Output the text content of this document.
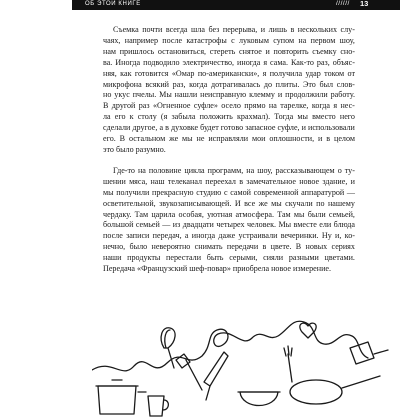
ОБ ЭТОЙ КНИГЕ	////// 13
Съемка почти всегда шла без перерыва, и лишь в нескольких слу-
чаях, например после катастрофы с луковым супом на первом шоу,
нам пришлось остановиться, стереть снятое и повторить съемку сно-
ва. Иногда подводило электричество, иногда я сама. Как-то раз, объяс-
няя, как готовится «Омар по-американски», я получила удар током от
микрофона всякий раз, когда дотрагивалась до плиты. Это был слов-
но укус пчелы. Мы нашли неисправную клемму и продолжили работу.
В другой раз «Огненное суфле» осело прямо на тарелке, когда я нес-
ла его к столу (я забыла положить крахмал). Тогда мы вместо него
сделали другое, а в духовке будет готово запасное суфле, и использовали
его. В остальном же мы не исправляли мои оплошности, и в целом
это было разумно.
Где-то на половине цикла программ, на шоу, рассказывающем о ту-
шении мяса, наш телеканал переехал в замечательное новое здание, и
мы получили прекрасную студию с самой современной аппаратурой —
осветительной, звукозаписывающей. И все же мы скучали по нашему
чердаку. Там царила особая, уютная атмосфера. Там мы были семьей,
большой семьей — из двадцати четырех человек. Мы вместе ели блюда
после записи передач, а иногда даже устраивали вечеринки. Ну и, ко-
нечно, было невероятно снимать передачи в цвете. В новых сериях
наши продукты перестали быть серыми, сияли разными цветами.
Передача «Французский шеф-повар» приобрела новое измерение.
